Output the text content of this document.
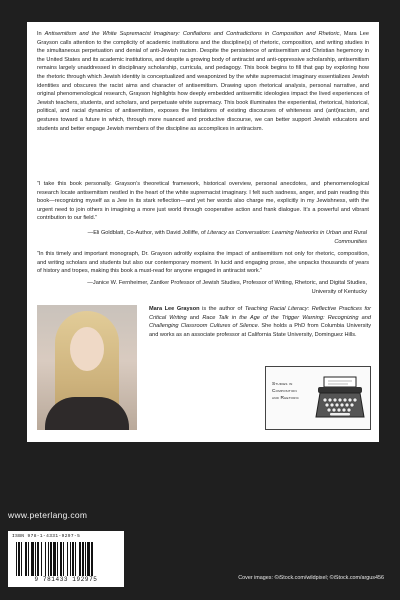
In Antisemitism and the White Supremacist Imaginary: Conflations and Contradictions in Composition and Rhetoric, Mara Lee Grayson calls attention to the complicity of academic institutions and the discipline(s) of rhetoric, composition, and writing studies in the simultaneous perpetuation and denial of anti-Jewish racism. Despite the persistence of antisemitism and Christian hegemony in the United States and its academic institutions, and despite a growing body of antiracist and anti-oppressive scholarship, antisemitism remains largely unaddressed in disciplinary scholarship, curricula, and pedagogy. This book begins to fill that gap by exploring how the rhetoric through which Jewish identity is conceptualized and weaponized by the white supremacist imaginary essentializes Jewish identities and obscures the racist aims and character of antisemitism. Drawing upon rhetorical analysis, personal narrative, and original phenomenological research, Grayson highlights how deeply embedded antisemitic ideologies impact the lived experiences of Jewish teachers, students, and scholars, and perpetuate white supremacy. This book illuminates the experiential, rhetorical, historical, political, and racial dynamics of antisemitism, exposes the limitations of existing discourses of whiteness and (anti)racism, and gestures toward a future in which, through more nuanced and productive discourse, we can better support Jewish educators and students and better engage Jewish members of the discipline as accomplices in antiracism.

“I take this book personally. Grayson’s theoretical framework, historical overview, personal anecdotes, and phenomenological research locate antisemitism nestled in the heart of the white supremacist imaginary. I felt such sadness, anger, and pain reading this book—recognizing myself as a Jew in its stark reflection—and yet her words also charge me, explicitly in my Jewishness, with the urgent need to join others in imagining a more just world through cooperative action and frank dialogue. It’s a powerful and vibrant contribution to our field.”

—Eli Goldblatt, Co-Author, with David Jolliffe, of Literacy as Conversation: Learning Networks in Urban and Rural Communities

“In this timely and important monograph, Dr. Grayson adroitly explains the impact of antisemitism not only for rhetoric, composition, and writing scholars and students but also our contemporary moment. In lucid and engaging prose, she unpacks thousands of years of history and tropes, making this book a must-read for anyone engaged in antiracist work.”

—Janice W. Fernheimer, Zantker Professor of Jewish Studies, Professor of Writing, Rhetoric, and Digital Studies, University of Kentucky

Mara Lee Grayson is the author of Teaching Racial Literacy: Reflective Practices for Critical Writing and Race Talk in the Age of the Trigger Warning: Recognizing and Challenging Classroom Cultures of Silence. She holds a PhD from Columbia University and works as an associate professor at California State University, Dominguez Hills.

Studies in
Composition
and Rhetoric
www.peterlang.com
ISBN 978-1-4331-9297-5
9 781433 192975	Cover images: ©iStock.com/wildpixel; ©iStock.com/argus456
